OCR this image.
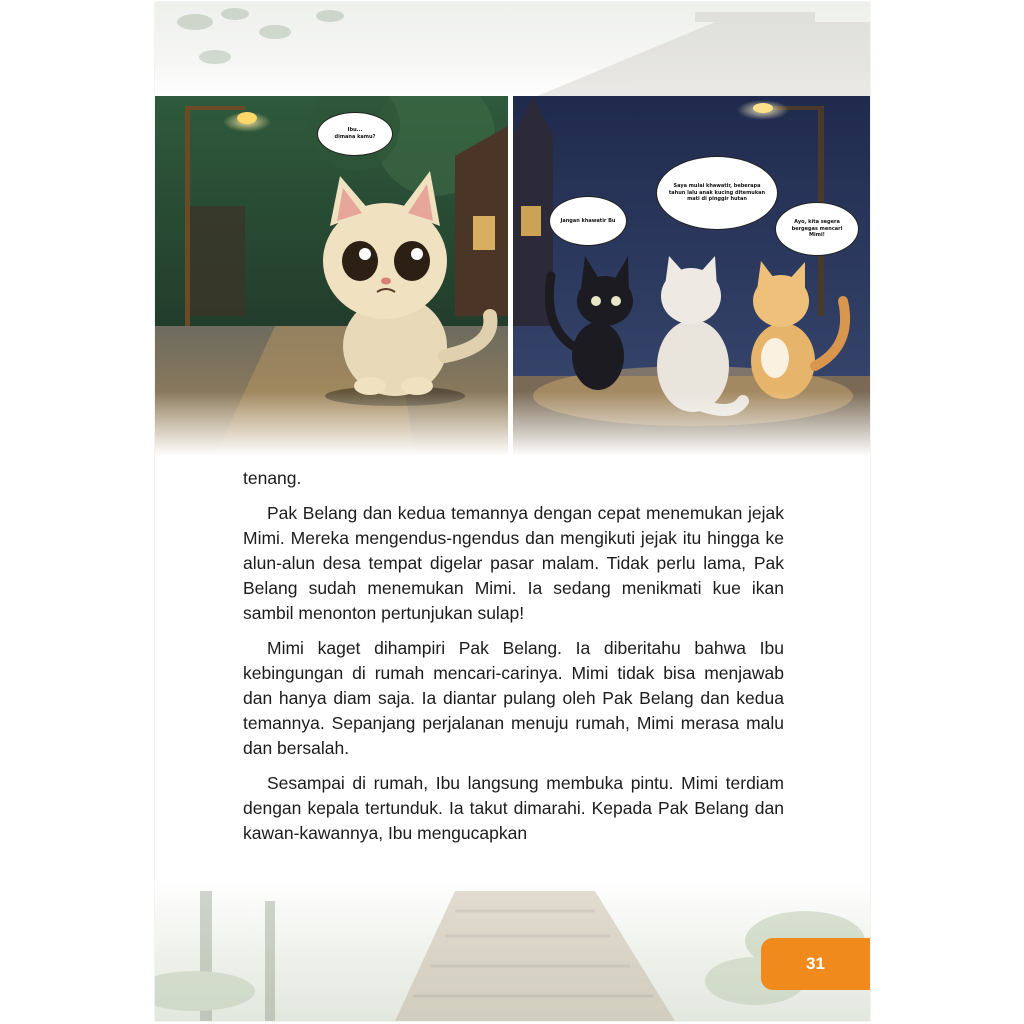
Ibu...
dimana kamu?
Jangan khawatir Bu
Saya mulai khawatir, beberapa tahun lalu anak kucing ditemukan mati di pinggir hutan
Ayo, kita segera bergegas mencari Mimi!

tenang.

Pak Belang dan kedua temannya dengan cepat menemukan jejak Mimi. Mereka mengendus-ngendus dan mengikuti jejak itu hingga ke alun-alun desa tempat digelar pasar malam. Tidak perlu lama, Pak Belang sudah menemukan Mimi. Ia sedang menikmati kue ikan sambil menonton pertunjukan sulap!

Mimi kaget dihampiri Pak Belang. Ia diberitahu bahwa Ibu kebingungan di rumah mencari-carinya. Mimi tidak bisa menjawab dan hanya diam saja. Ia diantar pulang oleh Pak Belang dan kedua temannya. Sepanjang perjalanan menuju rumah, Mimi merasa malu dan bersalah.

Sesampai di rumah, Ibu langsung membuka pintu. Mimi terdiam dengan kepala tertunduk. Ia takut dimarahi. Kepada Pak Belang dan kawan-kawannya, Ibu mengucapkan

31
